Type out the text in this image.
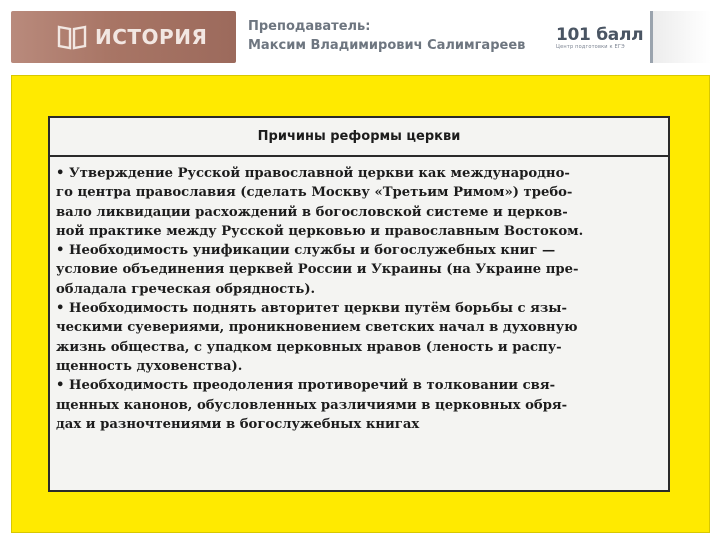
ИСТОРИЯ	Преподаватель:
Максим Владимирович Салимгареев
101 балл
Центр подготовки к ЕГЭ
Причины реформы церкви
• Утверждение Русской православной церкви как международно-
го центра православия (сделать Москву «Третьим Римом») требо-
вало ликвидации расхождений в богословской системе и церков-
ной практике между Русской церковью и православным Востоком.
• Необходимость унификации службы и богослужебных книг —
условие объединения церквей России и Украины (на Украине пре-
обладала греческая обрядность).
• Необходимость поднять авторитет церкви путём борьбы с язы-
ческими суевериями, проникновением светских начал в духовную
жизнь общества, с упадком церковных нравов (леность и распу-
щенность духовенства).
• Необходимость преодоления противоречий в толковании свя-
щенных канонов, обусловленных различиями в церковных обря-
дах и разночтениями в богослужебных книгах
